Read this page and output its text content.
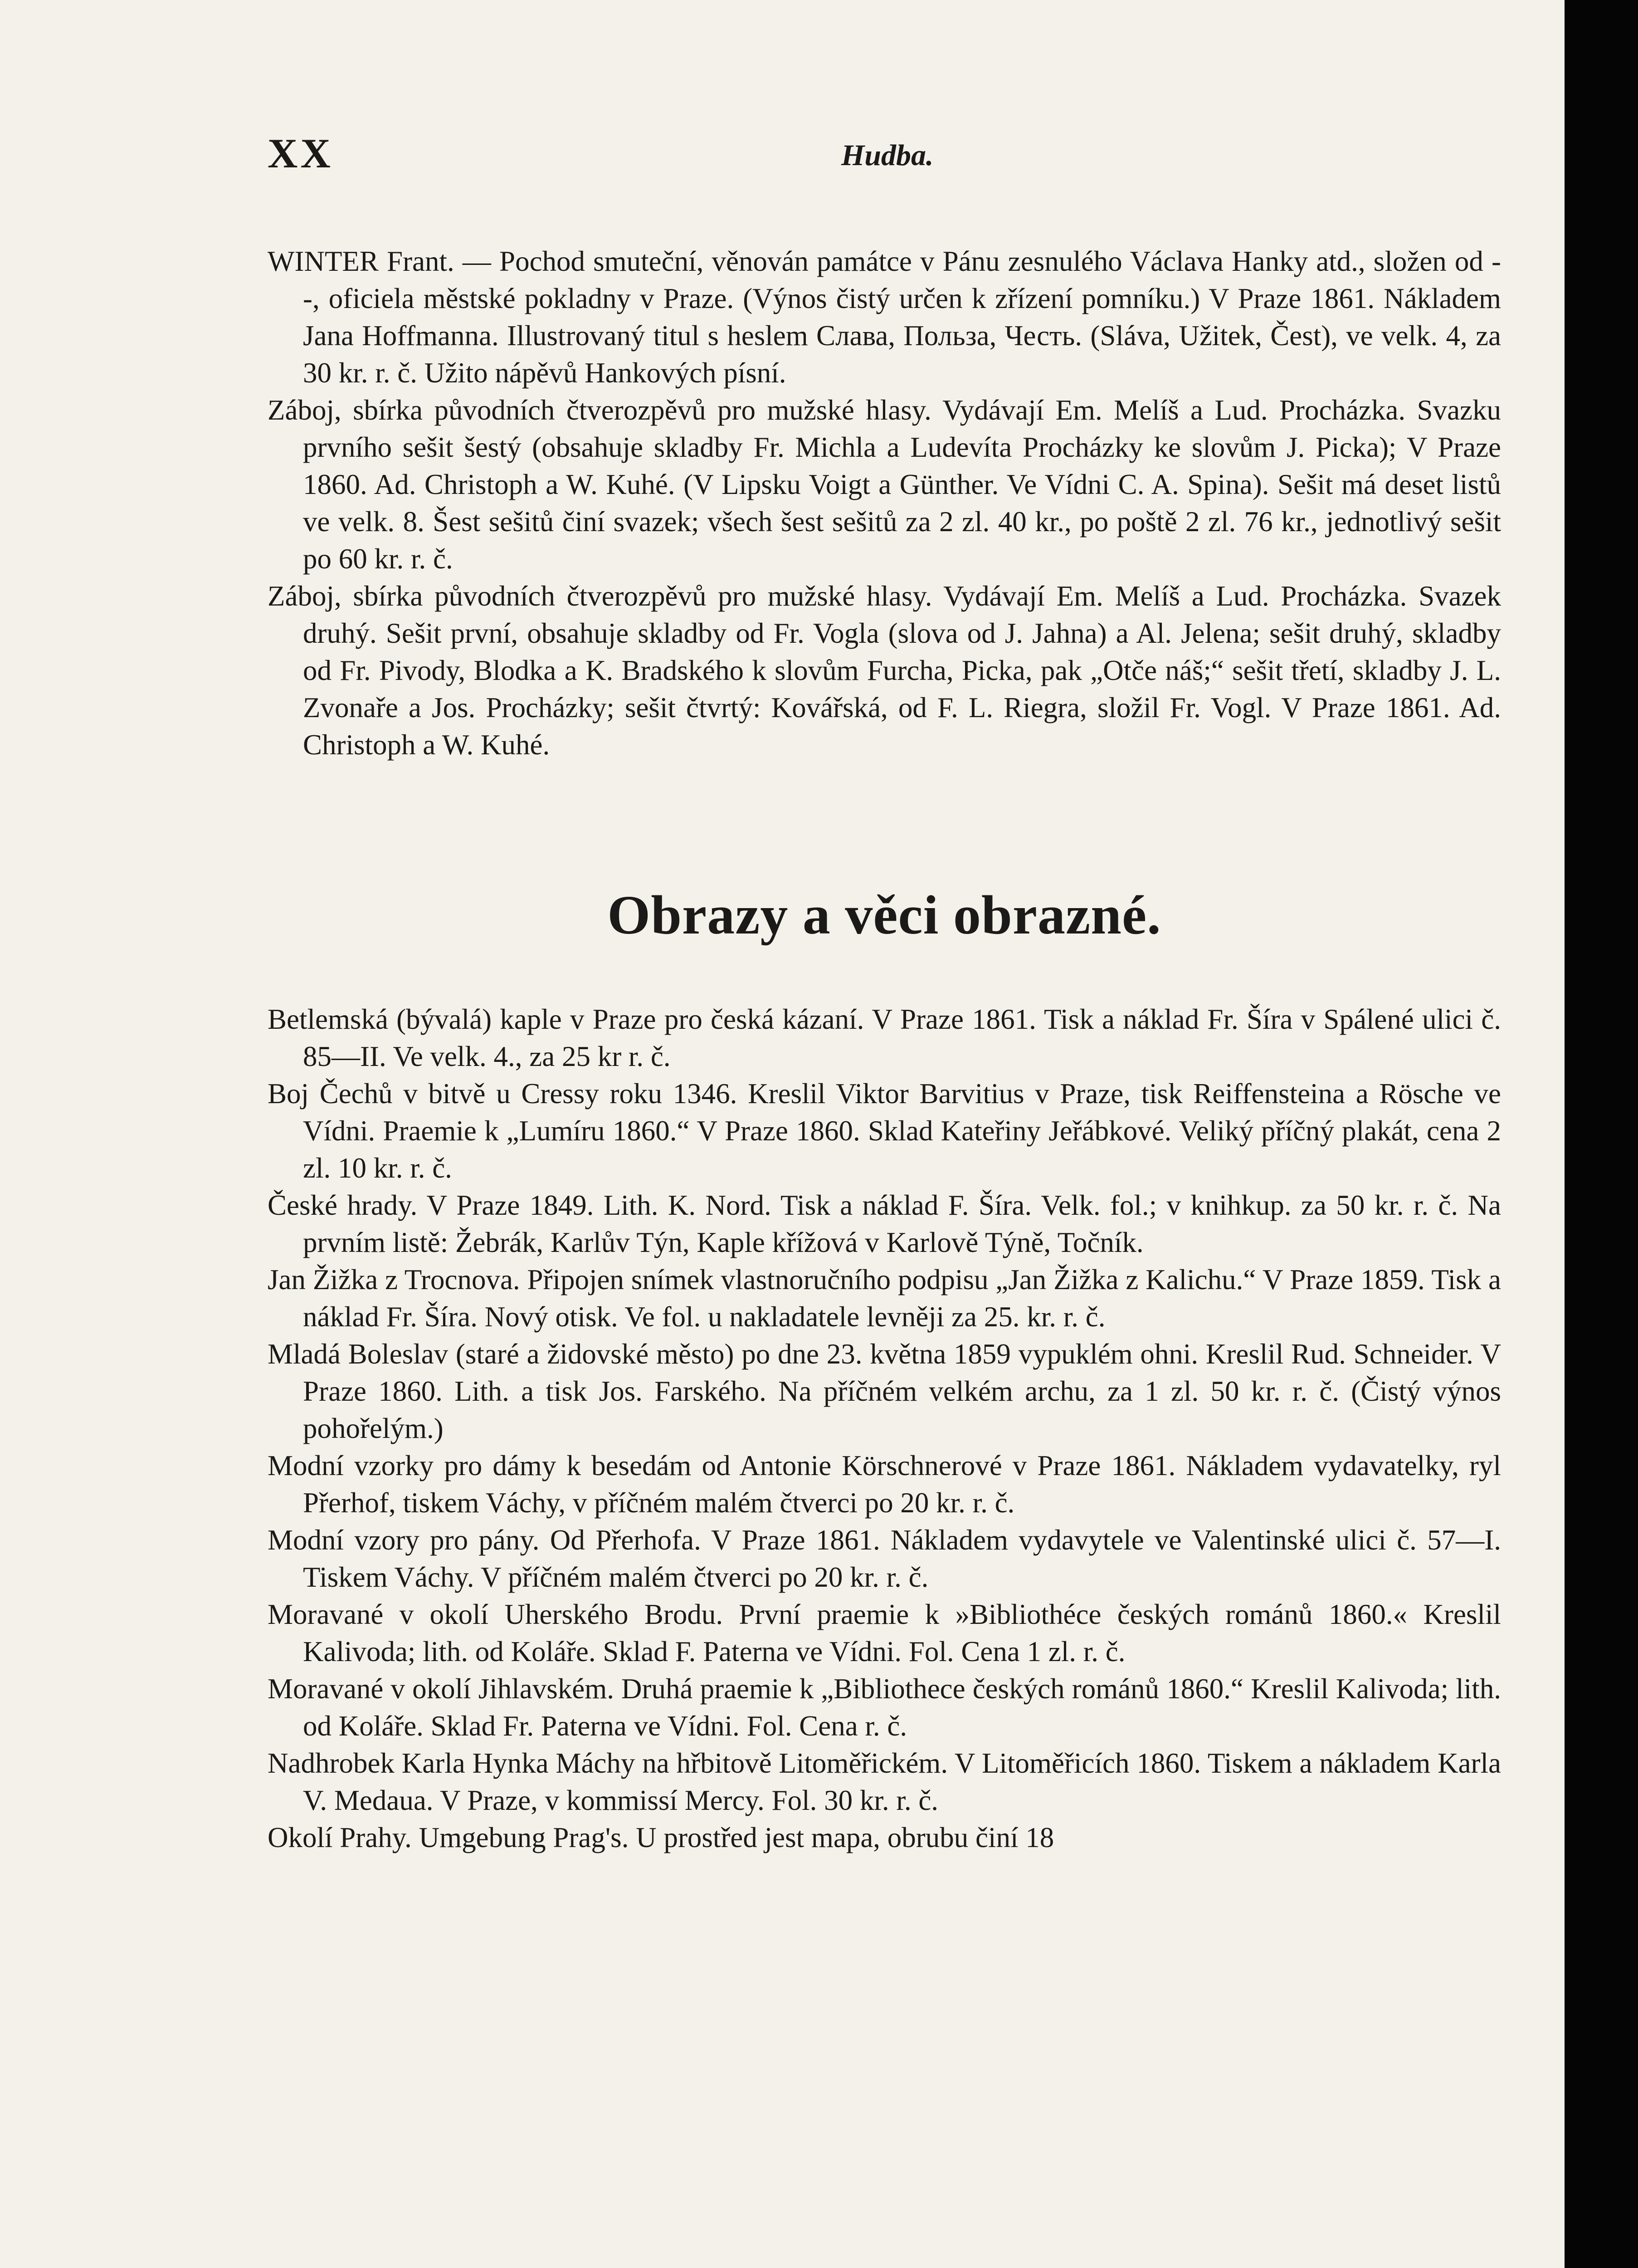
XX	Hudba.

WINTER Frant. — Pochod smuteční, věnován památce v Pánu zesnulého Václava Hanky atd., složen od - -, oficiela městské pokladny v Praze. (Výnos čistý určen k zřízení pomníku.) V Praze 1861. Nákladem Jana Hoffmanna. Illustrovaný titul s heslem Слава, Польза, Честь. (Sláva, Užitek, Čest), ve velk. 4, za 30 kr. r. č. Užito nápěvů Hankových písní.

Záboj, sbírka původních čtverozpěvů pro mužské hlasy. Vydávají Em. Melíš a Lud. Procházka. Svazku prvního sešit šestý (obsahuje skladby Fr. Michla a Ludevíta Procházky ke slovům J. Picka); V Praze 1860. Ad. Christoph a W. Kuhé. (V Lipsku Voigt a Günther. Ve Vídni C. A. Spina). Sešit má deset listů ve velk. 8. Šest sešitů činí svazek; všech šest sešitů za 2 zl. 40 kr., po poště 2 zl. 76 kr., jednotlivý sešit po 60 kr. r. č.

Záboj, sbírka původních čtverozpěvů pro mužské hlasy. Vydávají Em. Melíš a Lud. Procházka. Svazek druhý. Sešit první, obsahuje skladby od Fr. Vogla (slova od J. Jahna) a Al. Jelena; sešit druhý, skladby od Fr. Pivody, Blodka a K. Bradského k slovům Furcha, Picka, pak „Otče náš;“ sešit třetí, skladby J. L. Zvonaře a Jos. Procházky; sešit čtvrtý: Kovářská, od F. L. Riegra, složil Fr. Vogl. V Praze 1861. Ad. Christoph a W. Kuhé.

Obrazy a věci obrazné.

Betlemská (bývalá) kaple v Praze pro česká kázaní. V Praze 1861. Tisk a náklad Fr. Šíra v Spálené ulici č. 85—II. Ve velk. 4., za 25 kr r. č.

Boj Čechů v bitvě u Cressy roku 1346. Kreslil Viktor Barvitius v Praze, tisk Reiffensteina a Rösche ve Vídni. Praemie k „Lumíru 1860.“ V Praze 1860. Sklad Kateřiny Jeřábkové. Veliký příčný plakát, cena 2 zl. 10 kr. r. č.

České hrady. V Praze 1849. Lith. K. Nord. Tisk a náklad F. Šíra. Velk. fol.; v knihkup. za 50 kr. r. č. Na prvním listě: Žebrák, Karlův Týn, Kaple křížová v Karlově Týně, Točník.

Jan Žižka z Trocnova. Připojen snímek vlastnoručního podpisu „Jan Žižka z Kalichu.“ V Praze 1859. Tisk a náklad Fr. Šíra. Nový otisk. Ve fol. u nakladatele levněji za 25. kr. r. č.

Mladá Boleslav (staré a židovské město) po dne 23. května 1859 vypuklém ohni. Kreslil Rud. Schneider. V Praze 1860. Lith. a tisk Jos. Farského. Na příčném velkém archu, za 1 zl. 50 kr. r. č. (Čistý výnos pohořelým.)

Modní vzorky pro dámy k besedám od Antonie Körschnerové v Praze 1861. Nákladem vydavatelky, ryl Přerhof, tiskem Váchy, v příčném malém čtverci po 20 kr. r. č.

Modní vzory pro pány. Od Přerhofa. V Praze 1861. Nákladem vydavytele ve Valentinské ulici č. 57—I. Tiskem Váchy. V příčném malém čtverci po 20 kr. r. č.

Moravané v okolí Uherského Brodu. První praemie k »Bibliothéce českých románů 1860.« Kreslil Kalivoda; lith. od Koláře. Sklad F. Paterna ve Vídni. Fol. Cena 1 zl. r. č.

Moravané v okolí Jihlavském. Druhá praemie k „Bibliothece českých románů 1860.“ Kreslil Kalivoda; lith. od Koláře. Sklad Fr. Paterna ve Vídni. Fol. Cena r. č.

Nadhrobek Karla Hynka Máchy na hřbitově Litoměřickém. V Litoměřicích 1860. Tiskem a nákladem Karla V. Medaua. V Praze, v kommissí Mercy. Fol. 30 kr. r. č.

Okolí Prahy. Umgebung Prag's. U prostřed jest mapa, obrubu činí 18
